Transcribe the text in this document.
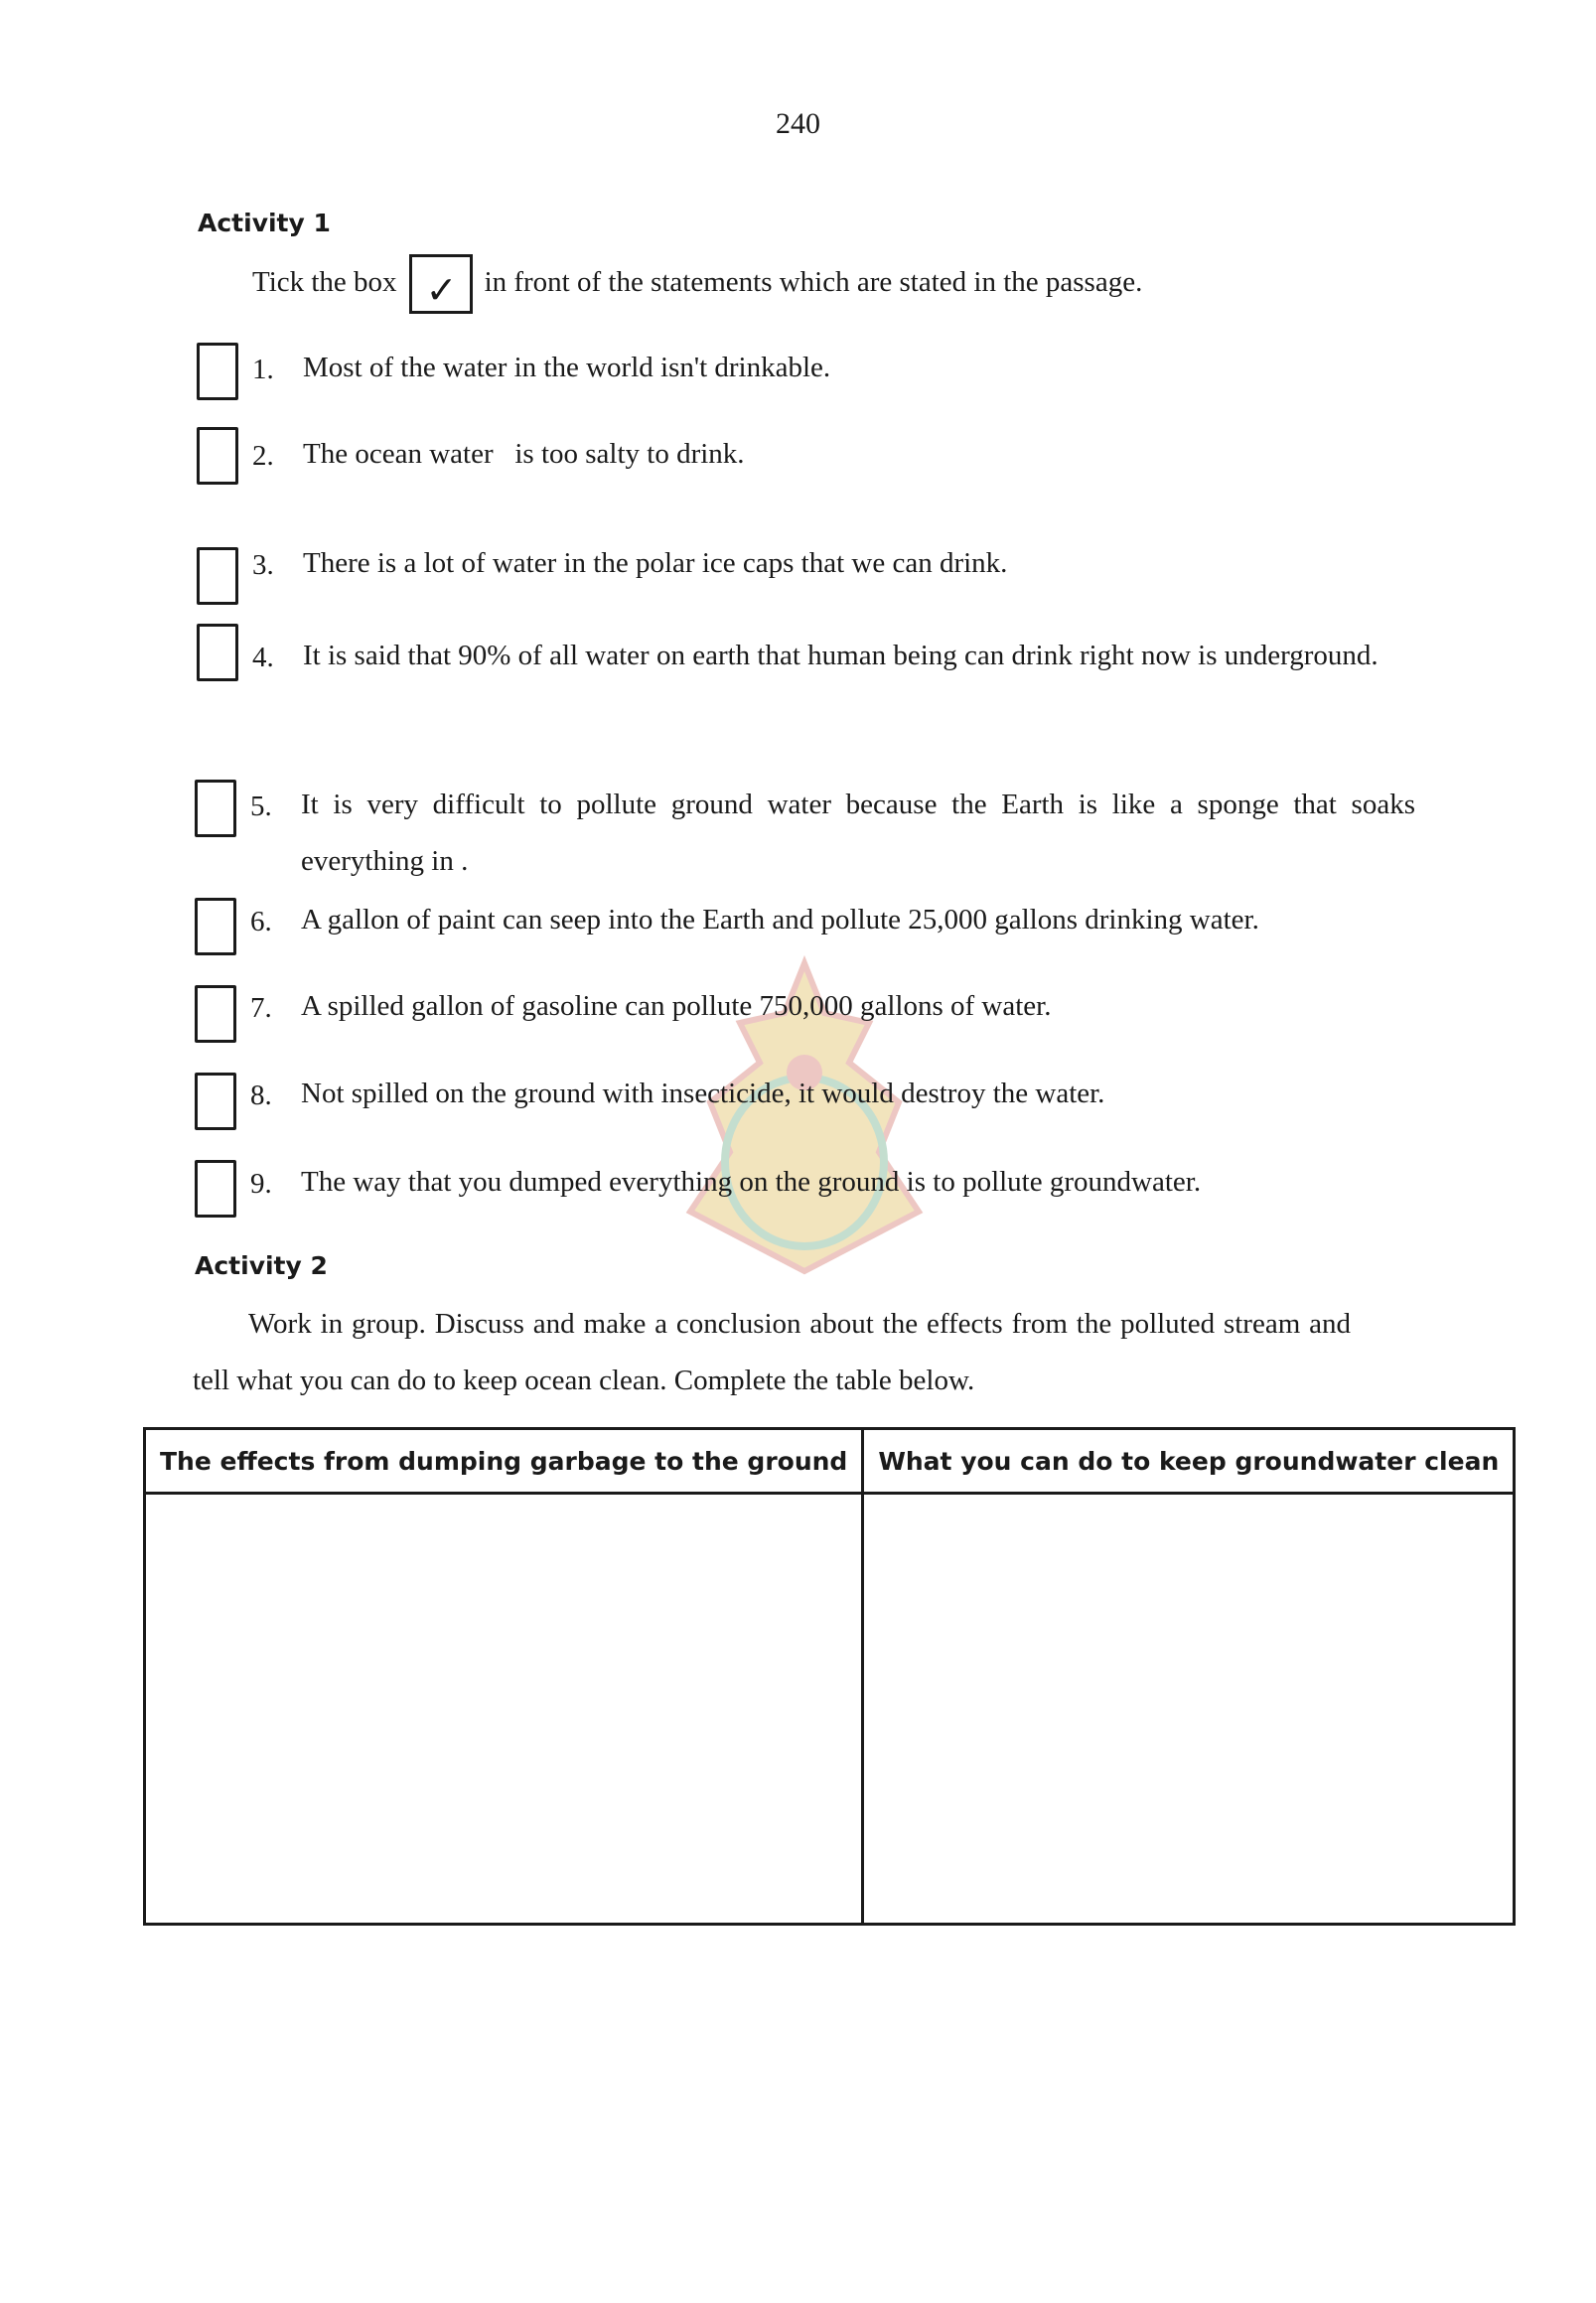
240
Activity 1
Tick the box ✓ in front of the statements which are stated in the passage.
1. Most of the water in the world isn't drinkable.
2. The ocean water   is too salty to drink.
3. There is a lot of water in the polar ice caps that we can drink.
4. It is said that 90% of all water on earth that human being can drink right now is underground.
5. It is very difficult to pollute ground water because the Earth is like a sponge that soaks everything in .
6. A gallon of paint can seep into the Earth and pollute 25,000 gallons drinking water.
7. A spilled gallon of gasoline can pollute 750,000 gallons of water.
8. Not spilled on the ground with insecticide, it would destroy the water.
9. The way that you dumped everything on the ground is to pollute groundwater.
Activity 2
Work in group. Discuss and make a conclusion about the effects from the polluted stream and tell what you can do to keep ocean clean. Complete the table below.
The effects from dumping garbage to the ground	What you can do to keep groundwater clean
